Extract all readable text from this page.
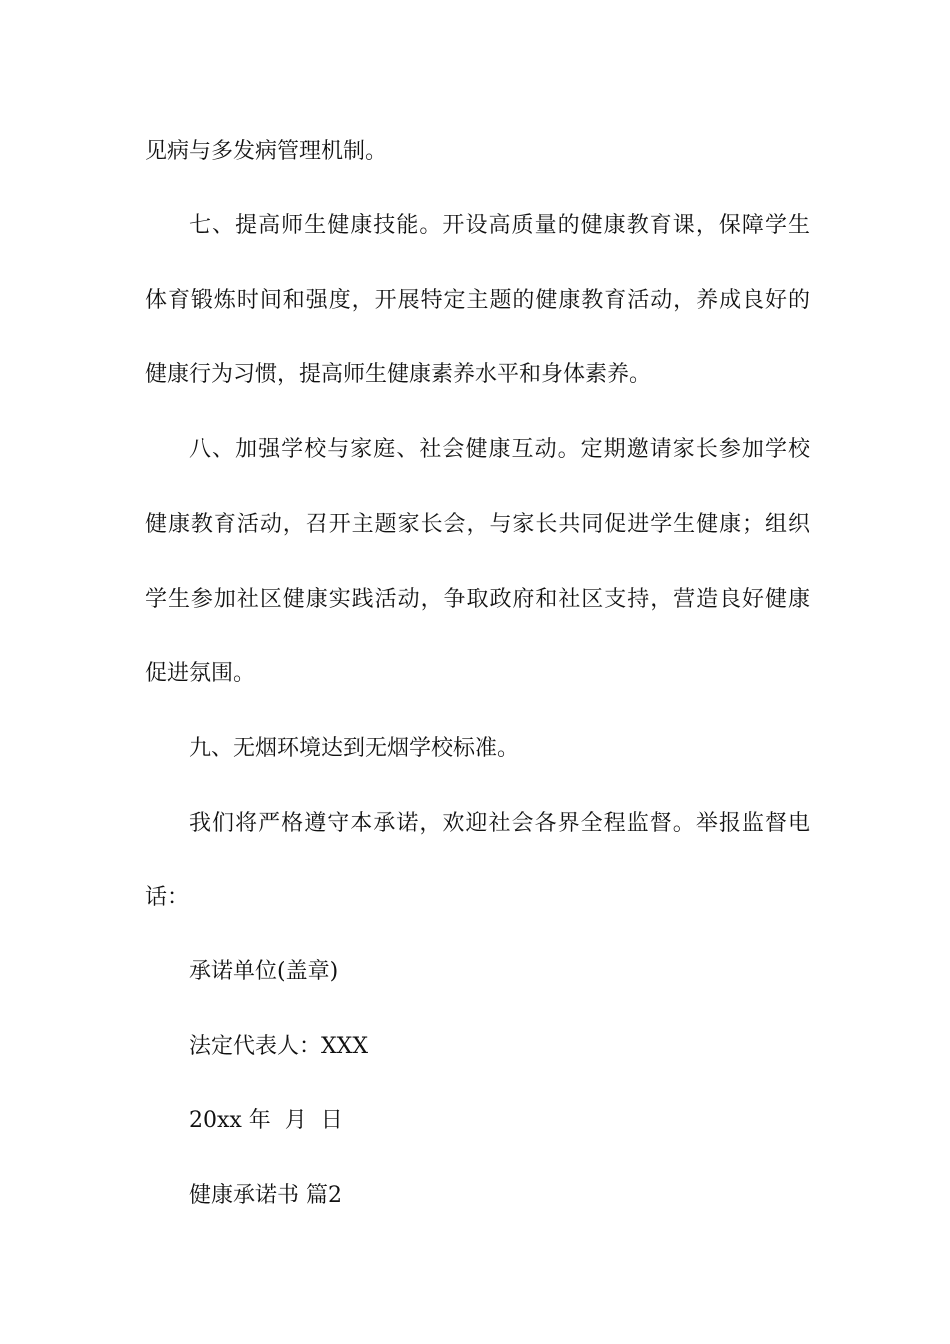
见病与多发病管理机制。

七、提高师生健康技能。开设高质量的健康教育课，保障学生

体育锻炼时间和强度，开展特定主题的健康教育活动，养成良好的

健康行为习惯，提高师生健康素养水平和身体素养。

八、加强学校与家庭、社会健康互动。定期邀请家长参加学校

健康教育活动，召开主题家长会，与家长共同促进学生健康；组织

学生参加社区健康实践活动，争取政府和社区支持，营造良好健康

促进氛围。

九、无烟环境达到无烟学校标准。

我们将严格遵守本承诺，欢迎社会各界全程监督。举报监督电

话：

承诺单位(盖章)

法定代表人：XXX

20xx 年  月  日

健康承诺书 篇2
